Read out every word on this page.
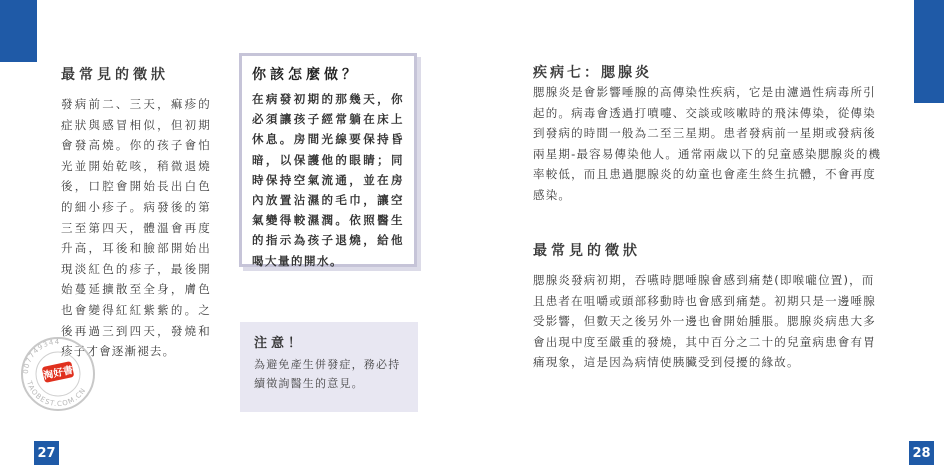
最常見的徵狀

發病前二、三天，痲疹的症狀與感冒相似，但初期會發高燒。你的孩子會怕光並開始乾咳，稍微退燒後，口腔會開始長出白色的細小疹子。病發後的第三至第四天，體溫會再度升高，耳後和臉部開始出現淡紅色的疹子，最後開始蔓延擴散至全身，膚色也會變得紅紅紫紫的。之後再過三到四天，發燒和疹子才會逐漸褪去。

你該怎麼做？

在病發初期的那幾天，你必須讓孩子經常躺在床上休息。房間光線要保持昏暗，以保護他的眼睛；同時保持空氣流通，並在房內放置沾濕的毛巾，讓空氣變得較濕潤。依照醫生的指示為孩子退燒，給他喝大量的開水。

注意！

為避免產生併發症，務必持續徵詢醫生的意見。

007749344
TAOBEST.COM.CN
淘好書
27
疾病七：腮腺炎

腮腺炎是會影響唾腺的高傳染性疾病，它是由濾過性病毒所引起的。病毒會透過打噴嚏、交談或咳嗽時的飛沫傳染，從傳染到發病的時間一般為二至三星期。患者發病前一星期或發病後兩星期-最容易傳染他人。通常兩歲以下的兒童感染腮腺炎的機率較低，而且患過腮腺炎的幼童也會產生終生抗體，不會再度感染。

最常見的徵狀

腮腺炎發病初期，吞嚥時腮唾腺會感到痛楚(即喉嚨位置)，而且患者在咀嚼或頭部移動時也會感到痛楚。初期只是一邊唾腺受影響，但數天之後另外一邊也會開始腫脹。腮腺炎病患大多會出現中度至嚴重的發燒，其中百分之二十的兒童病患會有胃痛現象，這是因為病情使胰臟受到侵擾的緣故。

28
